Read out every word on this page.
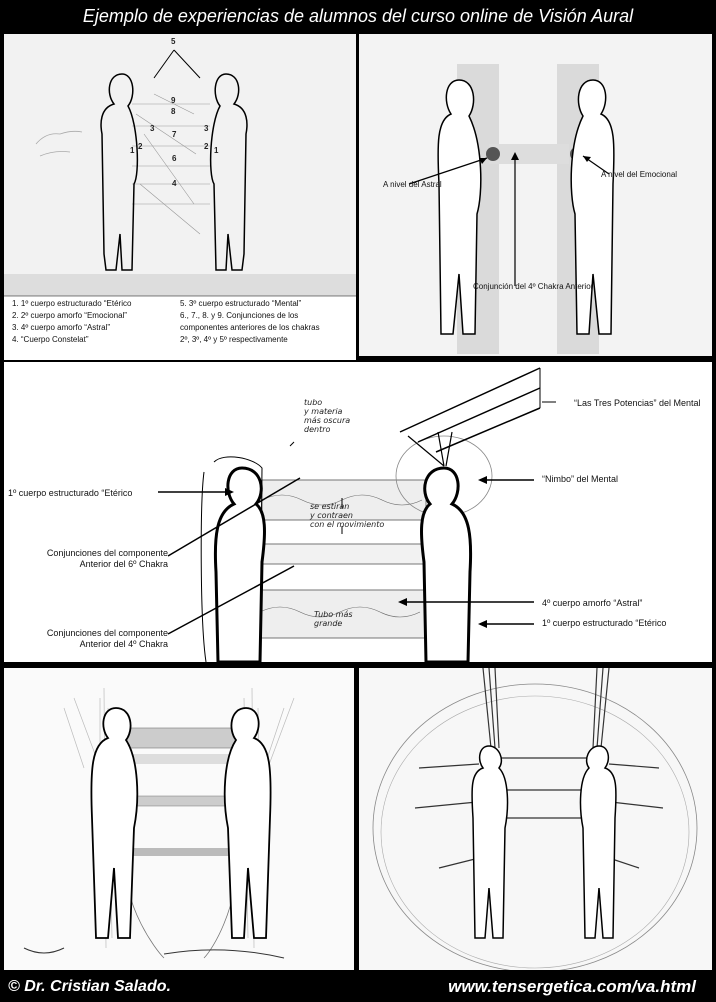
Ejemplo de experiencias de alumnos del curso online de Visión Aural
5
9
8
3
7
3
1 2
6
2 1
4
1. 1º cuerpo estructurado “Etérico
2. 2º cuerpo amorfo “Emocional”
3. 4º cuerpo amorfo “Astral”
4. “Cuerpo Constelat”
5. 3º cuerpo estructurado “Mental”
6., 7., 8. y 9. Conjunciones de los
componentes anteriores de los chakras
2º, 3º, 4º y 5º respectivamente
A nivel del Astral
A nivel del Emocional
Conjunción del 4º Chakra Anterior
1º cuerpo estructurado “Etérico
Conjunciones del componente
Anterior del 6º Chakra
Conjunciones del componente
Anterior del 4º Chakra
“Las Tres Potencias” del Mental
“Nimbo” del Mental
4º cuerpo amorfo “Astral”
1º cuerpo estructurado “Etérico
tubo
y materia
más oscura
dentro
se estiran
y contraen
con el movimiento
Tubo más
grande
© Dr. Cristian Salado.	www.tensergetica.com/va.html
